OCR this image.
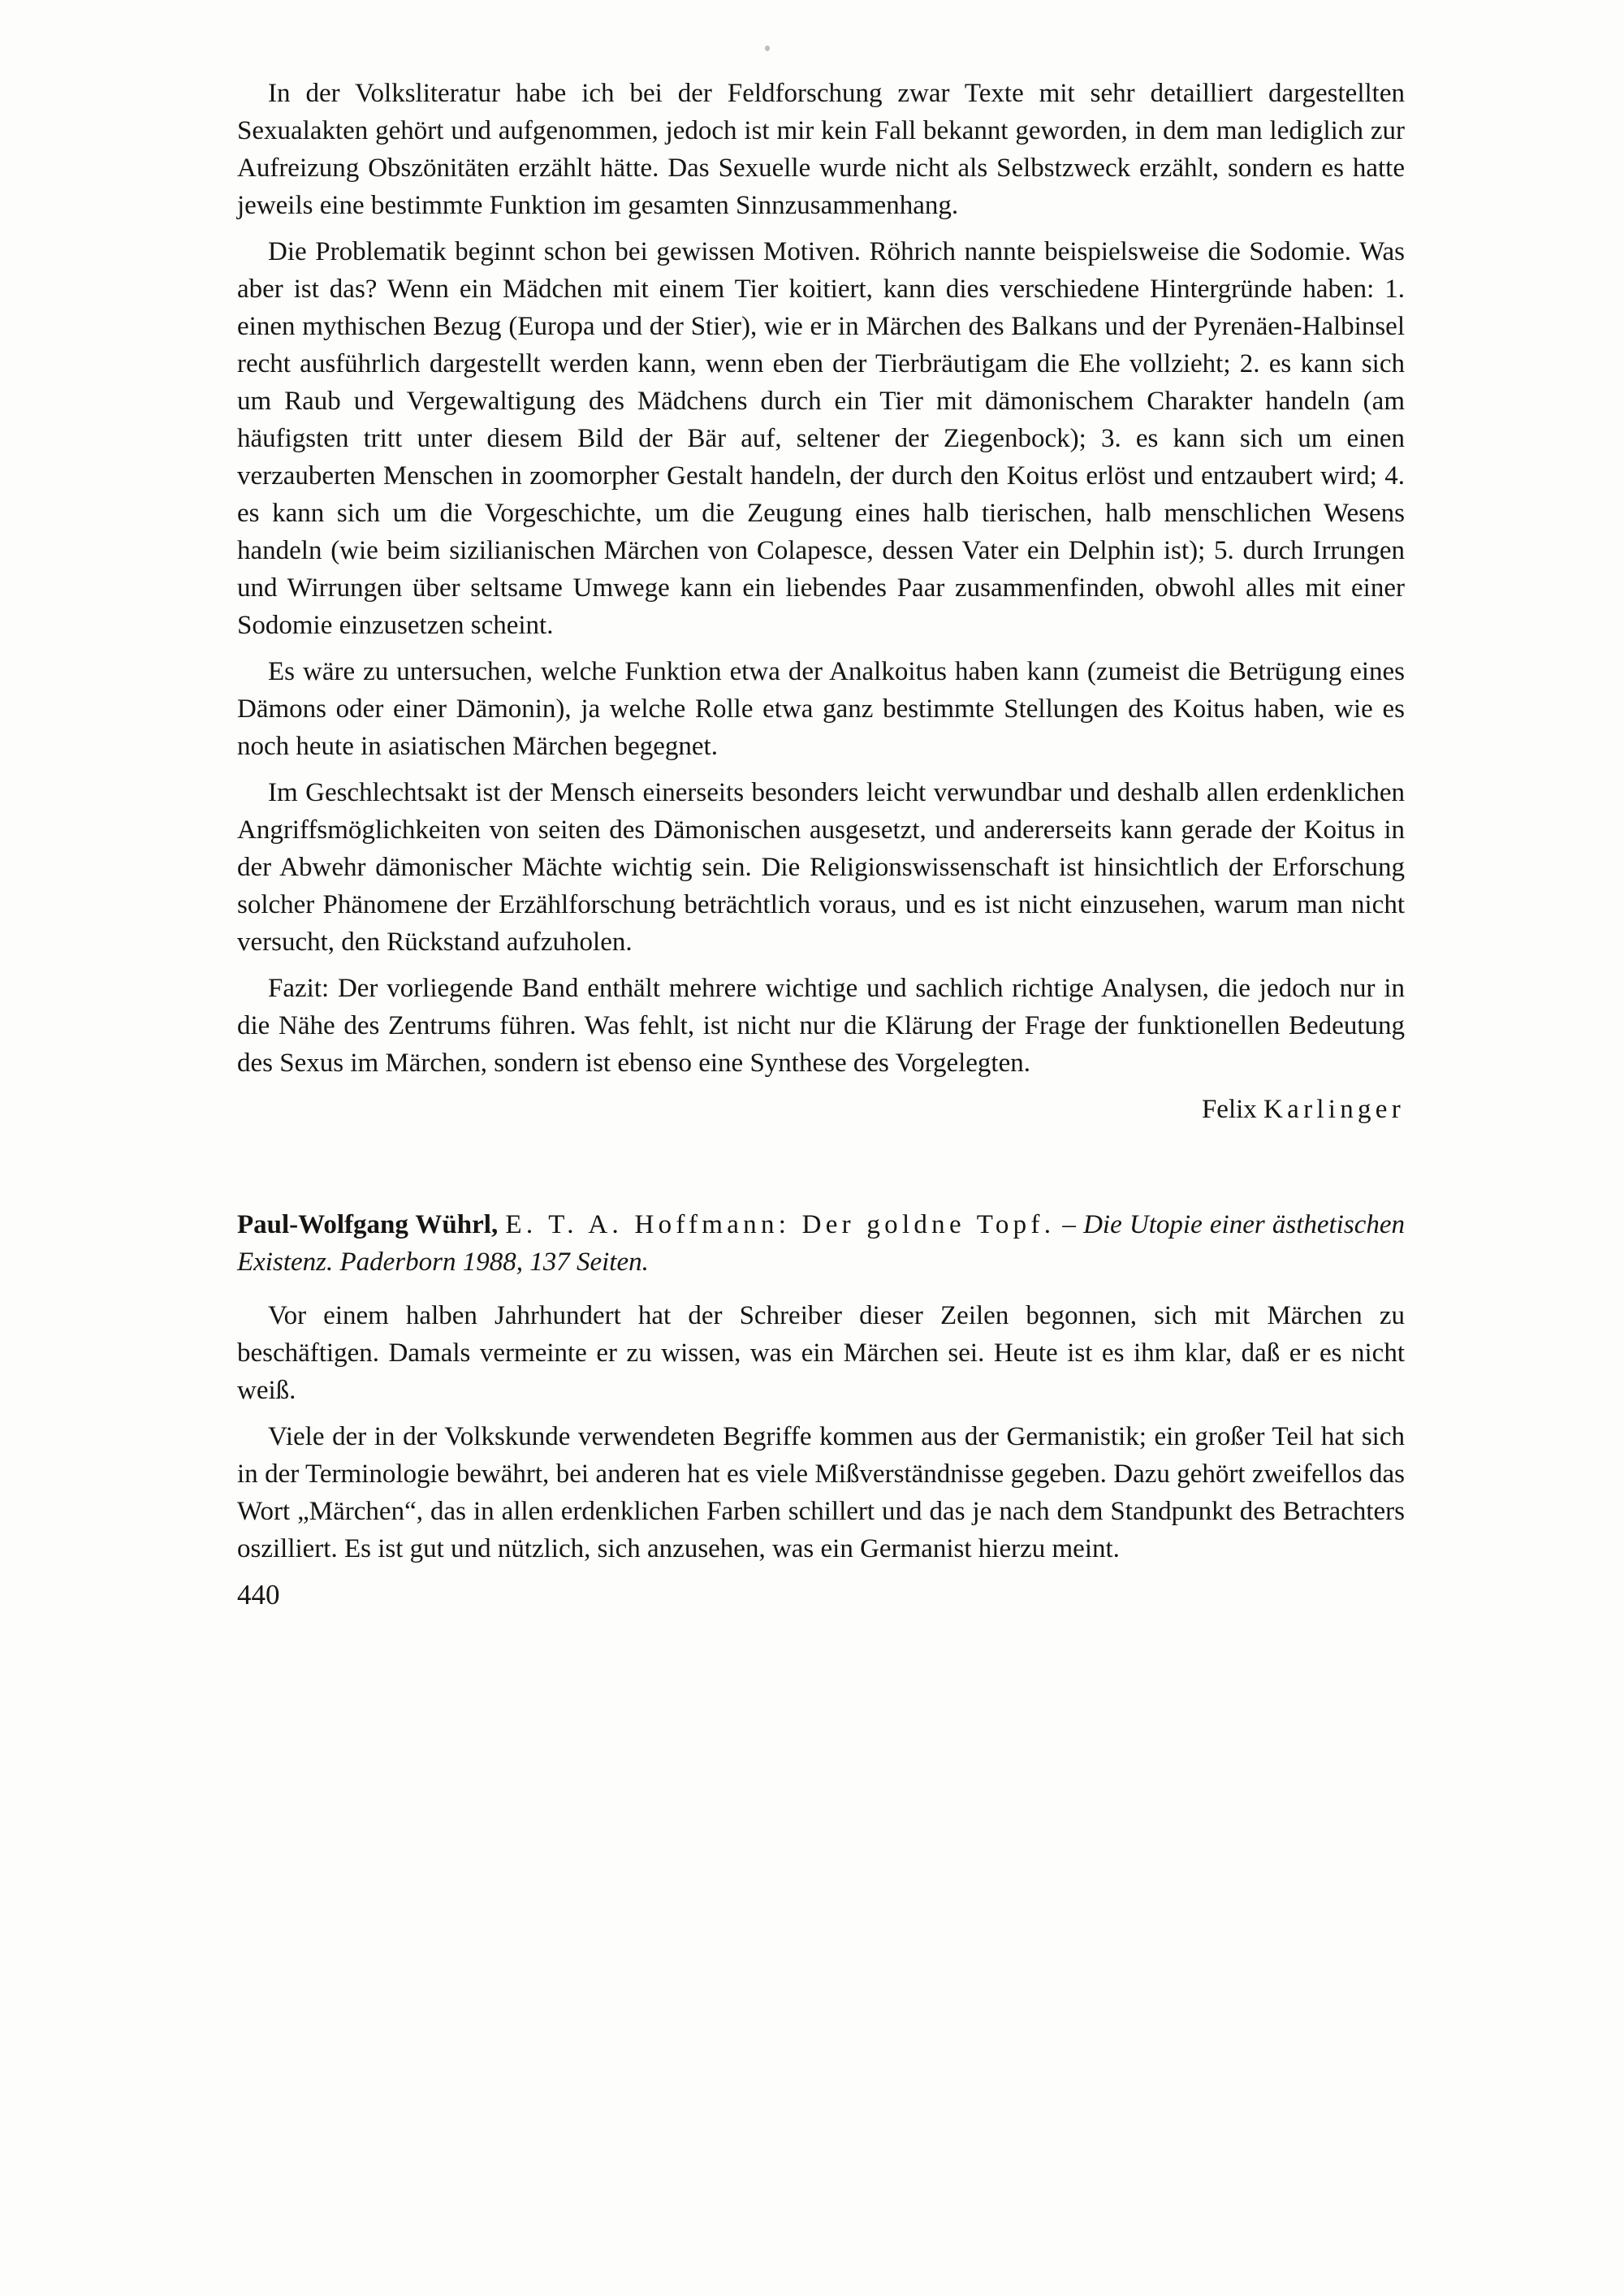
In der Volksliteratur habe ich bei der Feldforschung zwar Texte mit sehr detailliert dargestellten Sexualakten gehört und aufgenommen, jedoch ist mir kein Fall bekannt geworden, in dem man lediglich zur Aufreizung Obszönitäten erzählt hätte. Das Sexuelle wurde nicht als Selbstzweck erzählt, sondern es hatte jeweils eine bestimmte Funktion im gesamten Sinnzusammenhang.

Die Problematik beginnt schon bei gewissen Motiven. Röhrich nannte beispielsweise die Sodomie. Was aber ist das? Wenn ein Mädchen mit einem Tier koitiert, kann dies verschiedene Hintergründe haben: 1. einen mythischen Bezug (Europa und der Stier), wie er in Märchen des Balkans und der Pyrenäen-Halbinsel recht ausführlich dargestellt werden kann, wenn eben der Tierbräutigam die Ehe vollzieht; 2. es kann sich um Raub und Vergewaltigung des Mädchens durch ein Tier mit dämonischem Charakter handeln (am häufigsten tritt unter diesem Bild der Bär auf, seltener der Ziegenbock); 3. es kann sich um einen verzauberten Menschen in zoomorpher Gestalt handeln, der durch den Koitus erlöst und entzaubert wird; 4. es kann sich um die Vorgeschichte, um die Zeugung eines halb tierischen, halb menschlichen Wesens handeln (wie beim sizilianischen Märchen von Colapesce, dessen Vater ein Delphin ist); 5. durch Irrungen und Wirrungen über seltsame Umwege kann ein liebendes Paar zusammenfinden, obwohl alles mit einer Sodomie einzusetzen scheint.

Es wäre zu untersuchen, welche Funktion etwa der Analkoitus haben kann (zumeist die Betrügung eines Dämons oder einer Dämonin), ja welche Rolle etwa ganz bestimmte Stellungen des Koitus haben, wie es noch heute in asiatischen Märchen begegnet.

Im Geschlechtsakt ist der Mensch einerseits besonders leicht verwundbar und deshalb allen erdenklichen Angriffsmöglichkeiten von seiten des Dämonischen ausgesetzt, und andererseits kann gerade der Koitus in der Abwehr dämonischer Mächte wichtig sein. Die Religionswissenschaft ist hinsichtlich der Erforschung solcher Phänomene der Erzählforschung beträchtlich voraus, und es ist nicht einzusehen, warum man nicht versucht, den Rückstand aufzuholen.

Fazit: Der vorliegende Band enthält mehrere wichtige und sachlich richtige Analysen, die jedoch nur in die Nähe des Zentrums führen. Was fehlt, ist nicht nur die Klärung der Frage der funktionellen Bedeutung des Sexus im Märchen, sondern ist ebenso eine Synthese des Vorgelegten.

Felix Karlinger

Paul-Wolfgang Wührl, E. T. A. Hoffmann: Der goldne Topf. – Die Utopie einer ästhetischen Existenz. Paderborn 1988, 137 Seiten.

Vor einem halben Jahrhundert hat der Schreiber dieser Zeilen begonnen, sich mit Märchen zu beschäftigen. Damals vermeinte er zu wissen, was ein Märchen sei. Heute ist es ihm klar, daß er es nicht weiß.

Viele der in der Volkskunde verwendeten Begriffe kommen aus der Germanistik; ein großer Teil hat sich in der Terminologie bewährt, bei anderen hat es viele Mißverständnisse gegeben. Dazu gehört zweifellos das Wort „Märchen“, das in allen erdenklichen Farben schillert und das je nach dem Standpunkt des Betrachters oszilliert. Es ist gut und nützlich, sich anzusehen, was ein Germanist hierzu meint.

440
